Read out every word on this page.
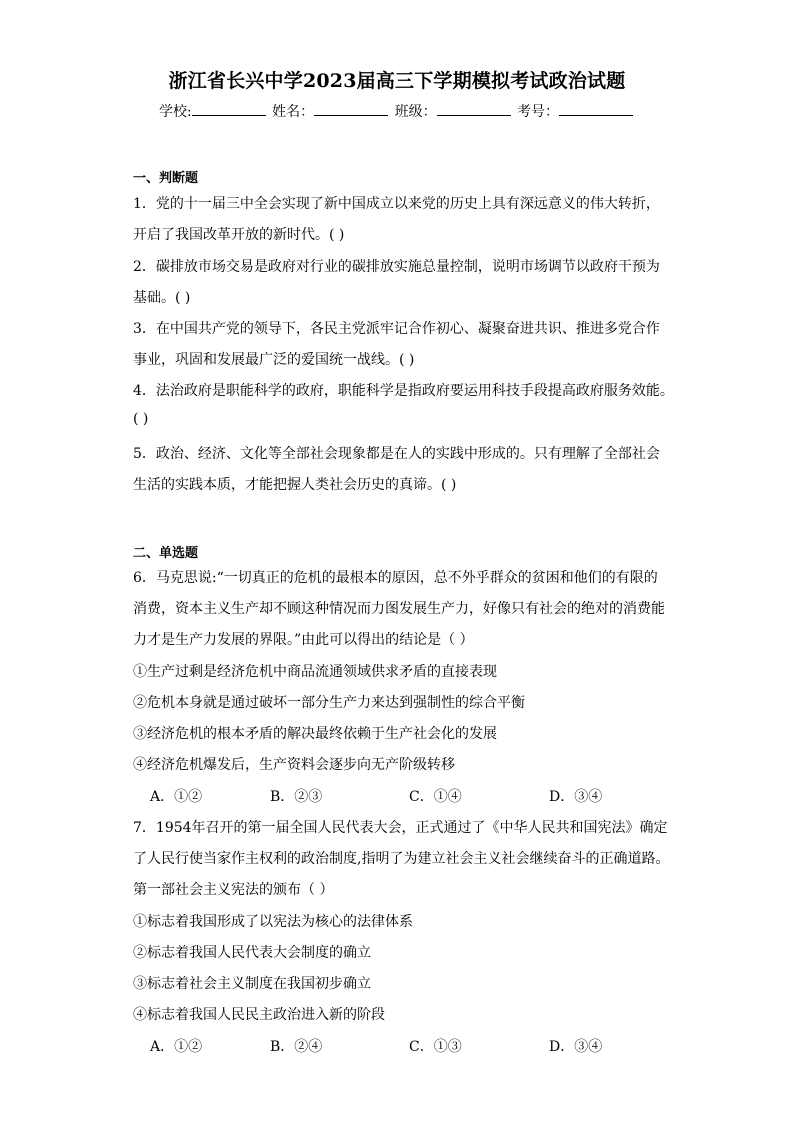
浙江省长兴中学2023届高三下学期模拟考试政治试题
学校:	姓名：	班级：	考号：
一、判断题
1．党的十一届三中全会实现了新中国成立以来党的历史上具有深远意义的伟大转折，
开启了我国改革开放的新时代。( )
2．碳排放市场交易是政府对行业的碳排放实施总量控制，说明市场调节以政府干预为
基础。( )
3．在中国共产党的领导下，各民主党派牢记合作初心、凝聚奋进共识、推进多党合作
事业，巩固和发展最广泛的爱国统一战线。( )
4．法治政府是职能科学的政府，职能科学是指政府要运用科技手段提高政府服务效能。
( )
5．政治、经济、文化等全部社会现象都是在人的实践中形成的。只有理解了全部社会
生活的实践本质，才能把握人类社会历史的真谛。( )
二、单选题
6．马克思说:“一切真正的危机的最根本的原因，总不外乎群众的贫困和他们的有限的
消费，资本主义生产却不顾这种情况而力图发展生产力，好像只有社会的绝对的消费能
力才是生产力发展的界限。”由此可以得出的结论是（ ）
①生产过剩是经济危机中商品流通领域供求矛盾的直接表现
②危机本身就是通过破坏一部分生产力来达到强制性的综合平衡
③经济危机的根本矛盾的解决最终依赖于生产社会化的发展
④经济危机爆发后，生产资料会逐步向无产阶级转移
A．①②	B．②③	C．①④	D．③④
7．1954年召开的第一届全国人民代表大会，正式通过了《中华人民共和国宪法》确定
了人民行使当家作主权利的政治制度,指明了为建立社会主义社会继续奋斗的正确道路。
第一部社会主义宪法的颁布（ ）
①标志着我国形成了以宪法为核心的法律体系
②标志着我国人民代表大会制度的确立
③标志着社会主义制度在我国初步确立
④标志着我国人民民主政治进入新的阶段
A．①②	B．②④	C．①③	D．③④
